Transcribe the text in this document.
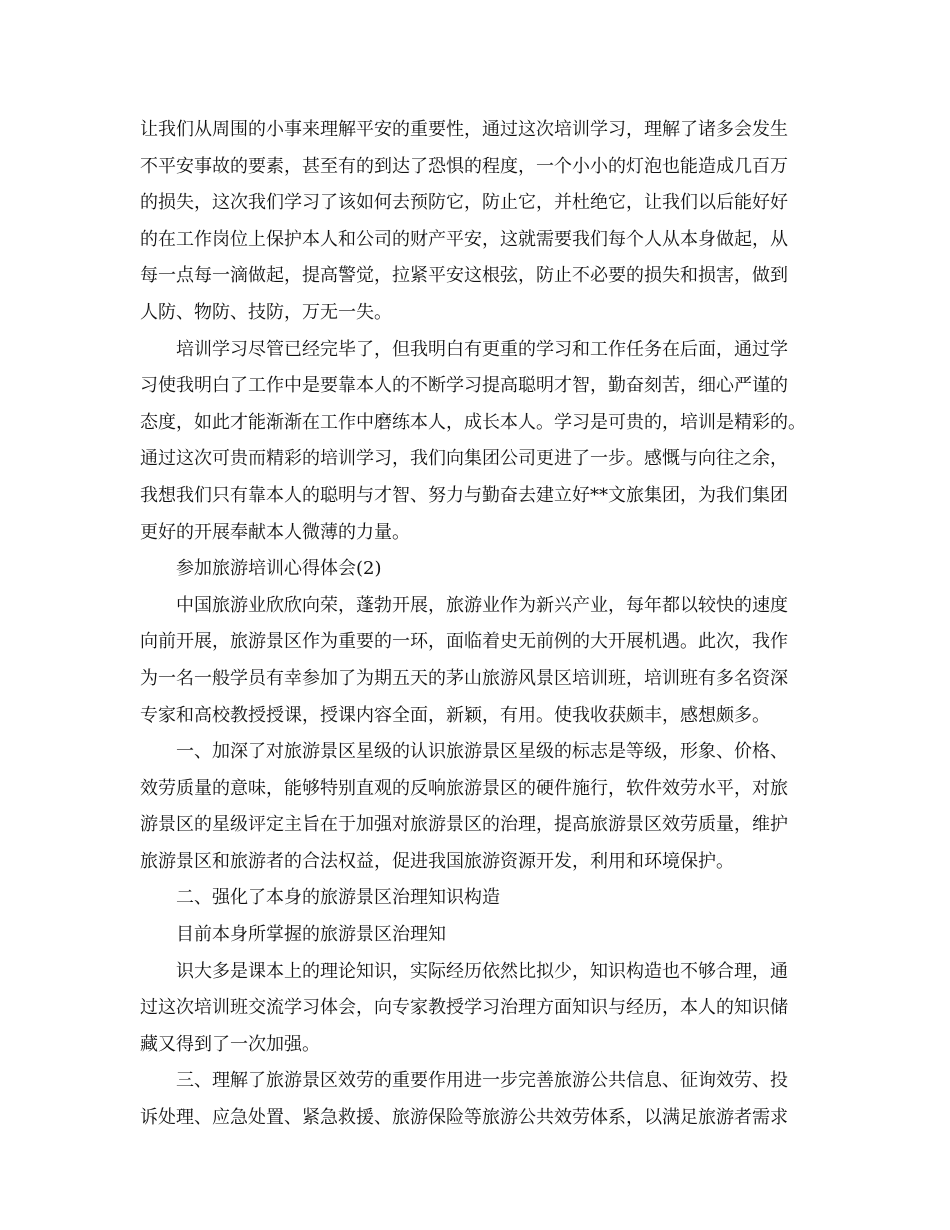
让我们从周围的小事来理解平安的重要性，通过这次培训学习，理解了诸多会发生
不平安事故的要素，甚至有的到达了恐惧的程度，一个小小的灯泡也能造成几百万
的损失，这次我们学习了该如何去预防它，防止它，并杜绝它，让我们以后能好好
的在工作岗位上保护本人和公司的财产平安，这就需要我们每个人从本身做起，从
每一点每一滴做起，提高警觉，拉紧平安这根弦，防止不必要的损失和损害，做到
人防、物防、技防，万无一失。
培训学习尽管已经完毕了，但我明白有更重的学习和工作任务在后面，通过学
习使我明白了工作中是要靠本人的不断学习提高聪明才智，勤奋刻苦，细心严谨的
态度，如此才能渐渐在工作中磨练本人，成长本人。学习是可贵的，培训是精彩的。
通过这次可贵而精彩的培训学习，我们向集团公司更进了一步。感慨与向往之余，
我想我们只有靠本人的聪明与才智、努力与勤奋去建立好**文旅集团，为我们集团
更好的开展奉献本人微薄的力量。
参加旅游培训心得体会(2)
中国旅游业欣欣向荣，蓬勃开展，旅游业作为新兴产业，每年都以较快的速度
向前开展，旅游景区作为重要的一环，面临着史无前例的大开展机遇。此次，我作
为一名一般学员有幸参加了为期五天的茅山旅游风景区培训班，培训班有多名资深
专家和高校教授授课，授课内容全面，新颖，有用。使我收获颇丰，感想颇多。
一、加深了对旅游景区星级的认识旅游景区星级的标志是等级，形象、价格、
效劳质量的意味，能够特别直观的反响旅游景区的硬件施行，软件效劳水平，对旅
游景区的星级评定主旨在于加强对旅游景区的治理，提高旅游景区效劳质量，维护
旅游景区和旅游者的合法权益，促进我国旅游资源开发，利用和环境保护。
二、强化了本身的旅游景区治理知识构造
目前本身所掌握的旅游景区治理知
识大多是课本上的理论知识，实际经历依然比拟少，知识构造也不够合理，通
过这次培训班交流学习体会，向专家教授学习治理方面知识与经历，本人的知识储
藏又得到了一次加强。
三、理解了旅游景区效劳的重要作用进一步完善旅游公共信息、征询效劳、投
诉处理、应急处置、紧急救援、旅游保险等旅游公共效劳体系，以满足旅游者需求
